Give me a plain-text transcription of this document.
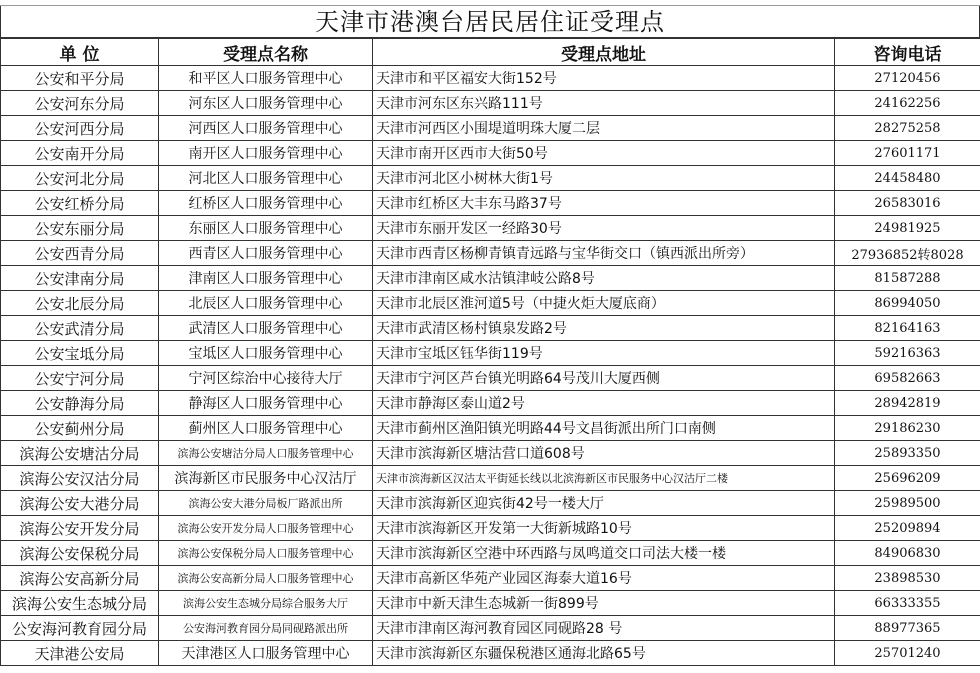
天津市港澳台居民居住证受理点
单 位	受理点名称	受理点地址	咨询电话
公安和平分局	和平区人口服务管理中心	天津市和平区福安大街152号	27120456
公安河东分局	河东区人口服务管理中心	天津市河东区东兴路111号	24162256
公安河西分局	河西区人口服务管理中心	天津市河西区小围堤道明珠大厦二层	28275258
公安南开分局	南开区人口服务管理中心	天津市南开区西市大街50号	27601171
公安河北分局	河北区人口服务管理中心	天津市河北区小树林大街1号	24458480
公安红桥分局	红桥区人口服务管理中心	天津市红桥区大丰东马路37号	26583016
公安东丽分局	东丽区人口服务管理中心	天津市东丽开发区一经路30号	24981925
公安西青分局	西青区人口服务管理中心	天津市西青区杨柳青镇青远路与宝华街交口（镇西派出所旁）	27936852转8028
公安津南分局	津南区人口服务管理中心	天津市津南区咸水沽镇津岐公路8号	81587288
公安北辰分局	北辰区人口服务管理中心	天津市北辰区淮河道5号（中捷火炬大厦底商）	86994050
公安武清分局	武清区人口服务管理中心	天津市武清区杨村镇泉发路2号	82164163
公安宝坻分局	宝坻区人口服务管理中心	天津市宝坻区钰华街119号	59216363
公安宁河分局	宁河区综治中心接待大厅	天津市宁河区芦台镇光明路64号茂川大厦西侧	69582663
公安静海分局	静海区人口服务管理中心	天津市静海区泰山道2号	28942819
公安蓟州分局	蓟州区人口服务管理中心	天津市蓟州区渔阳镇光明路44号文昌街派出所门口南侧	29186230
滨海公安塘沽分局	滨海公安塘沽分局人口服务管理中心	天津市滨海新区塘沽营口道608号	25893350
滨海公安汉沽分局	滨海新区市民服务中心汉沽厅	天津市滨海新区汉沽太平街延长线以北滨海新区市民服务中心汉沽厅二楼	25696209
滨海公安大港分局	滨海公安大港分局板厂路派出所	天津市滨海新区迎宾街42号一楼大厅	25989500
滨海公安开发分局	滨海公安开发分局人口服务管理中心	天津市滨海新区开发第一大街新城路10号	25209894
滨海公安保税分局	滨海公安保税分局人口服务管理中心	天津市滨海新区空港中环西路与凤鸣道交口司法大楼一楼	84906830
滨海公安高新分局	滨海公安高新分局人口服务管理中心	天津市高新区华苑产业园区海泰大道16号	23898530
滨海公安生态城分局	滨海公安生态城分局综合服务大厅	天津市中新天津生态城新一街899号	66333355
公安海河教育园分局	公安海河教育园分局同砚路派出所	天津市津南区海河教育园区同砚路28 号	88977365
天津港公安局	天津港区人口服务管理中心	天津市滨海新区东疆保税港区通海北路65号	25701240
